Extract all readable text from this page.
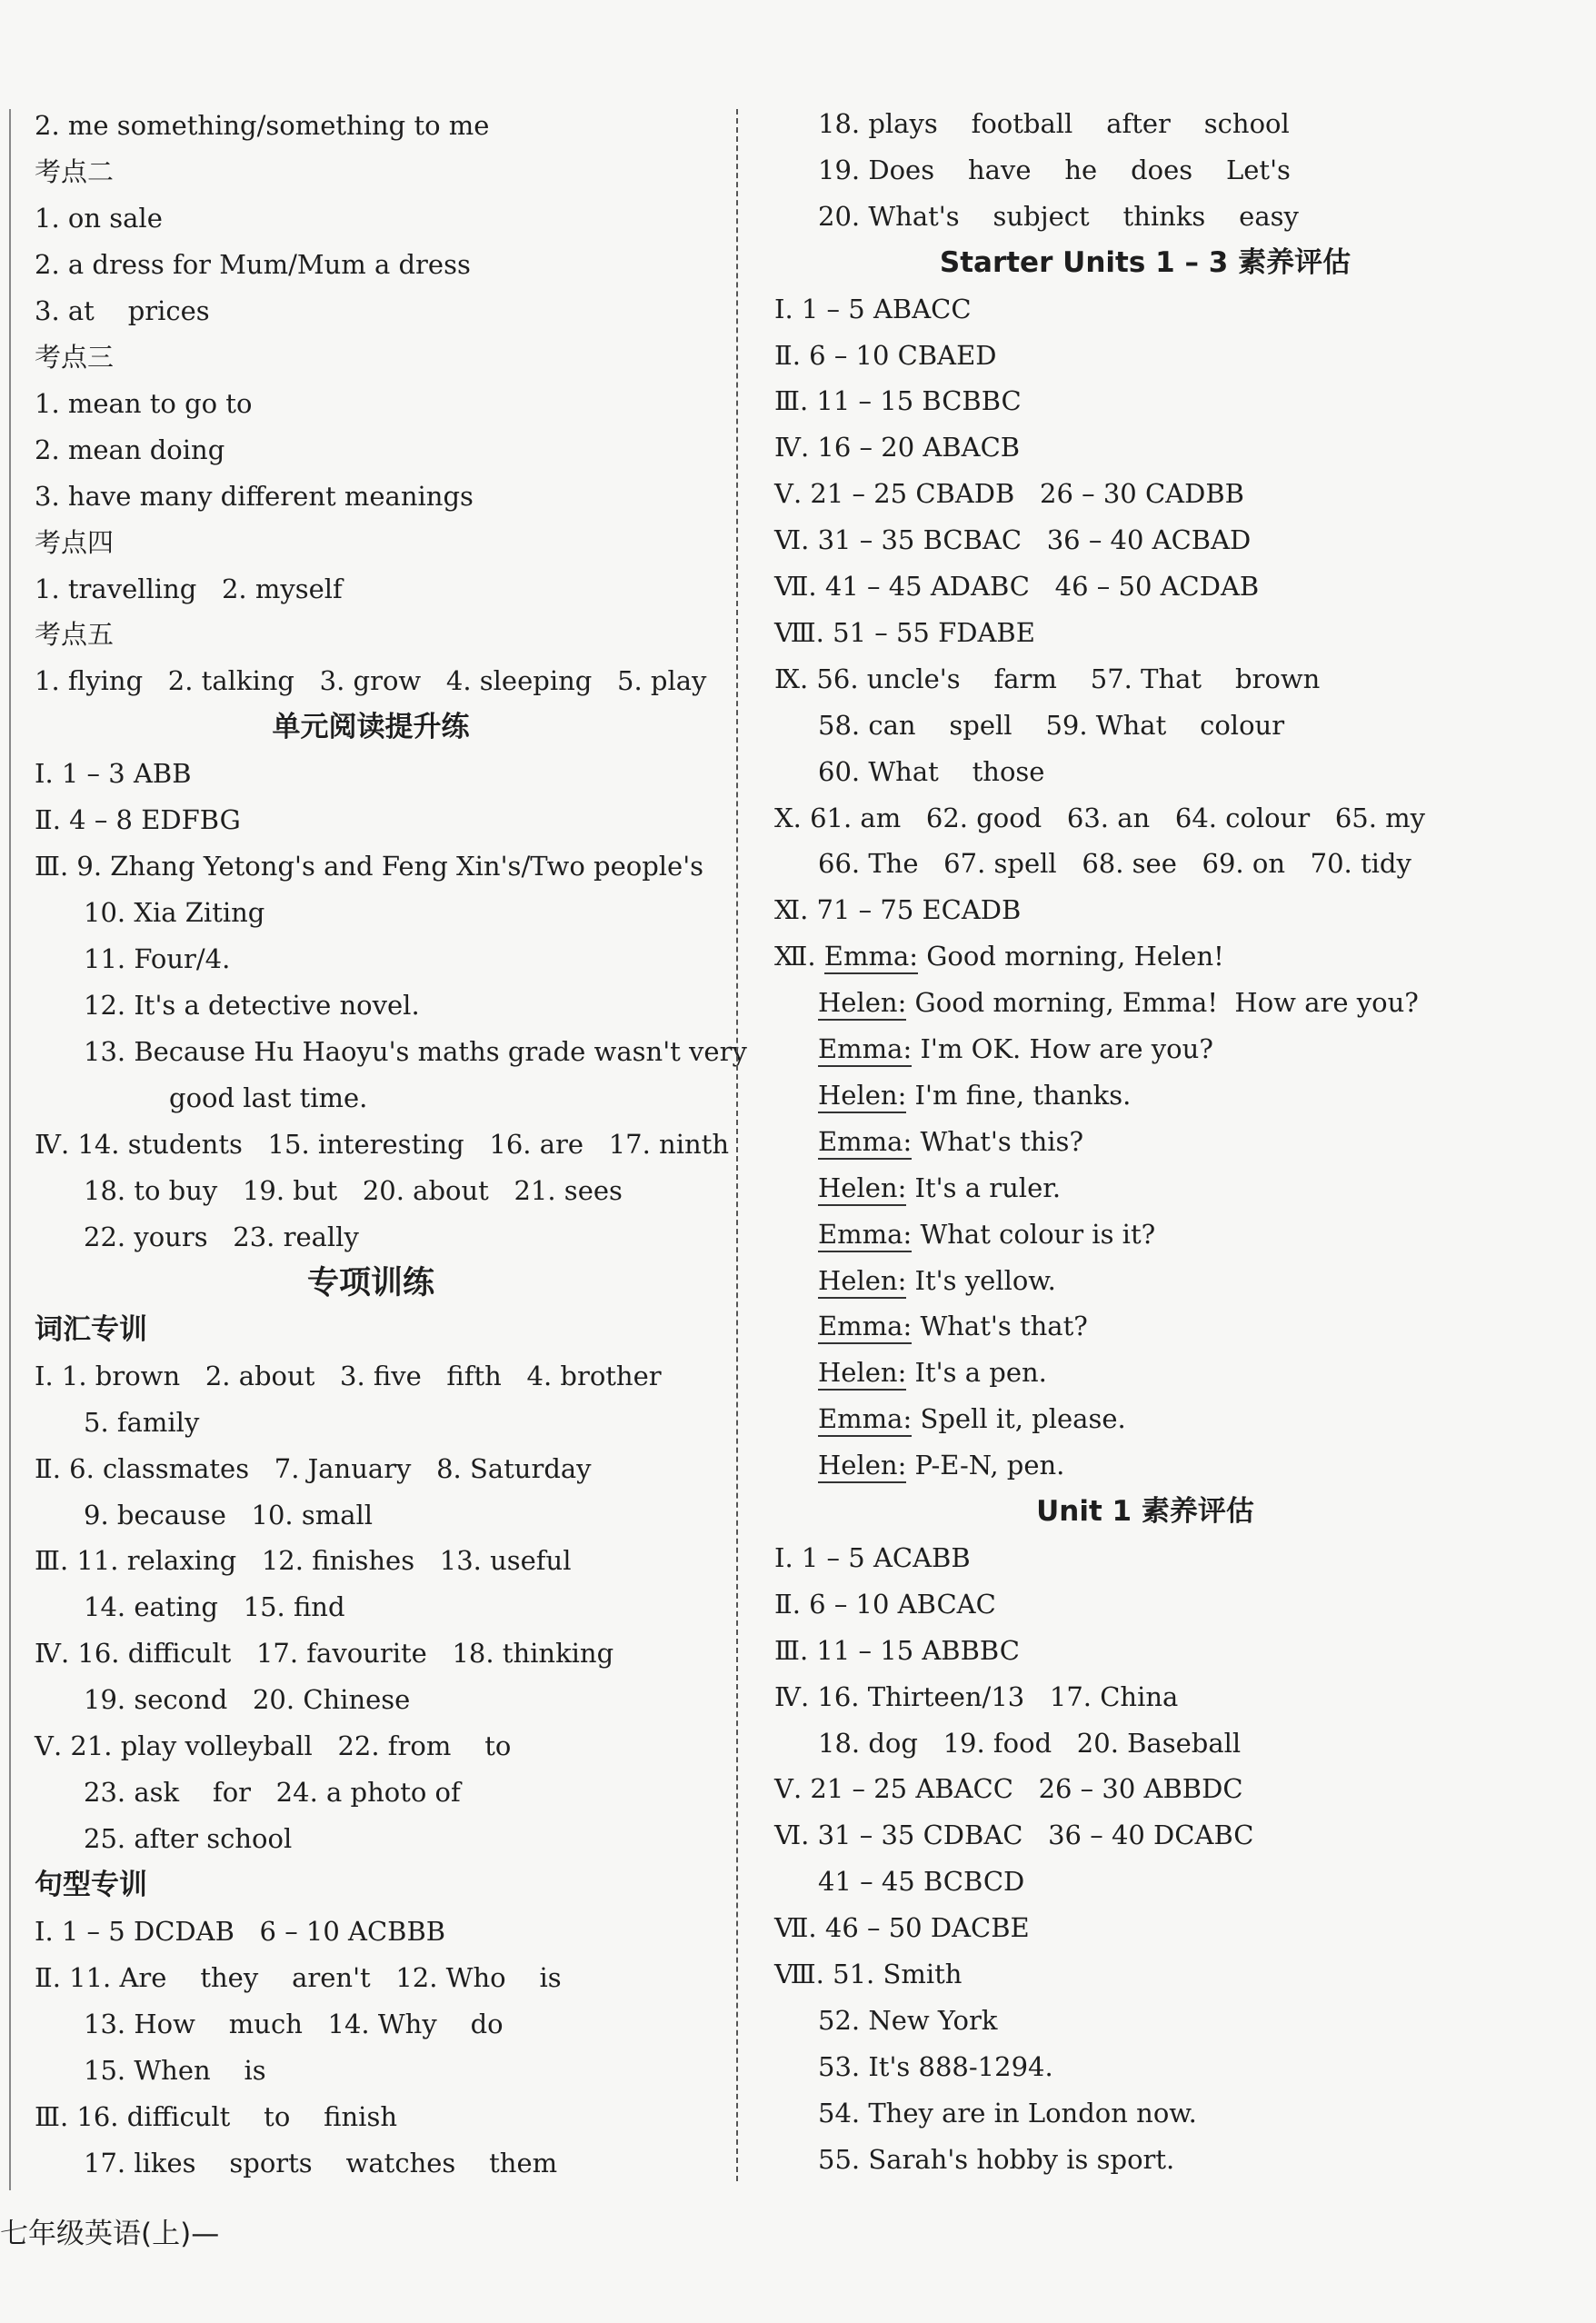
2. me something/something to me
考点二
1. on sale
2. a dress for Mum/Mum a dress
3. at    prices
考点三
1. mean to go to
2. mean doing
3. have many different meanings
考点四
1. travelling   2. myself
考点五
1. flying   2. talking   3. grow   4. sleeping   5. play
单元阅读提升练
Ⅰ. 1 – 3 ABB
Ⅱ. 4 – 8 EDFBG
Ⅲ. 9. Zhang Yetong's and Feng Xin's/Two people's
10. Xia Ziting
11. Four/4.
12. It's a detective novel.
13. Because Hu Haoyu's maths grade wasn't very
good last time.
Ⅳ. 14. students   15. interesting   16. are   17. ninth
18. to buy   19. but   20. about   21. sees
22. yours   23. really
专项训练
词汇专训
Ⅰ. 1. brown   2. about   3. five   fifth   4. brother
5. family
Ⅱ. 6. classmates   7. January   8. Saturday
9. because   10. small
Ⅲ. 11. relaxing   12. finishes   13. useful
14. eating   15. find
Ⅳ. 16. difficult   17. favourite   18. thinking
19. second   20. Chinese
Ⅴ. 21. play volleyball   22. from    to
23. ask    for   24. a photo of
25. after school
句型专训
Ⅰ. 1 – 5 DCDAB   6 – 10 ACBBB
Ⅱ. 11. Are    they    aren't   12. Who    is
13. How    much   14. Why    do
15. When    is
Ⅲ. 16. difficult    to    finish
17. likes    sports    watches    them
18. plays    football    after    school
19. Does    have    he    does    Let's
20. What's    subject    thinks    easy
Starter Units 1 – 3 素养评估
Ⅰ. 1 – 5 ABACC
Ⅱ. 6 – 10 CBAED
Ⅲ. 11 – 15 BCBBC
Ⅳ. 16 – 20 ABACB
Ⅴ. 21 – 25 CBADB   26 – 30 CADBB
Ⅵ. 31 – 35 BCBAC   36 – 40 ACBAD
Ⅶ. 41 – 45 ADABC   46 – 50 ACDAB
Ⅷ. 51 – 55 FDABE
Ⅸ. 56. uncle's    farm    57. That    brown
58. can    spell    59. What    colour
60. What    those
Ⅹ. 61. am   62. good   63. an   64. colour   65. my
66. The   67. spell   68. see   69. on   70. tidy
Ⅺ. 71 – 75 ECADB
Ⅻ. Emma: Good morning, Helen!
Helen: Good morning, Emma!  How are you?
Emma: I'm OK. How are you?
Helen: I'm fine, thanks.
Emma: What's this?
Helen: It's a ruler.
Emma: What colour is it?
Helen: It's yellow.
Emma: What's that?
Helen: It's a pen.
Emma: Spell it, please.
Helen: P-E-N, pen.
Unit 1 素养评估
Ⅰ. 1 – 5 ACABB
Ⅱ. 6 – 10 ABCAC
Ⅲ. 11 – 15 ABBBC
Ⅳ. 16. Thirteen/13   17. China
18. dog   19. food   20. Baseball
Ⅴ. 21 – 25 ABACC   26 – 30 ABBDC
Ⅵ. 31 – 35 CDBAC   36 – 40 DCABC
41 – 45 BCBCD
Ⅶ. 46 – 50 DACBE
Ⅷ. 51. Smith
52. New York
53. It's 888-1294.
54. They are in London now.
55. Sarah's hobby is sport.
七年级英语(上)—
